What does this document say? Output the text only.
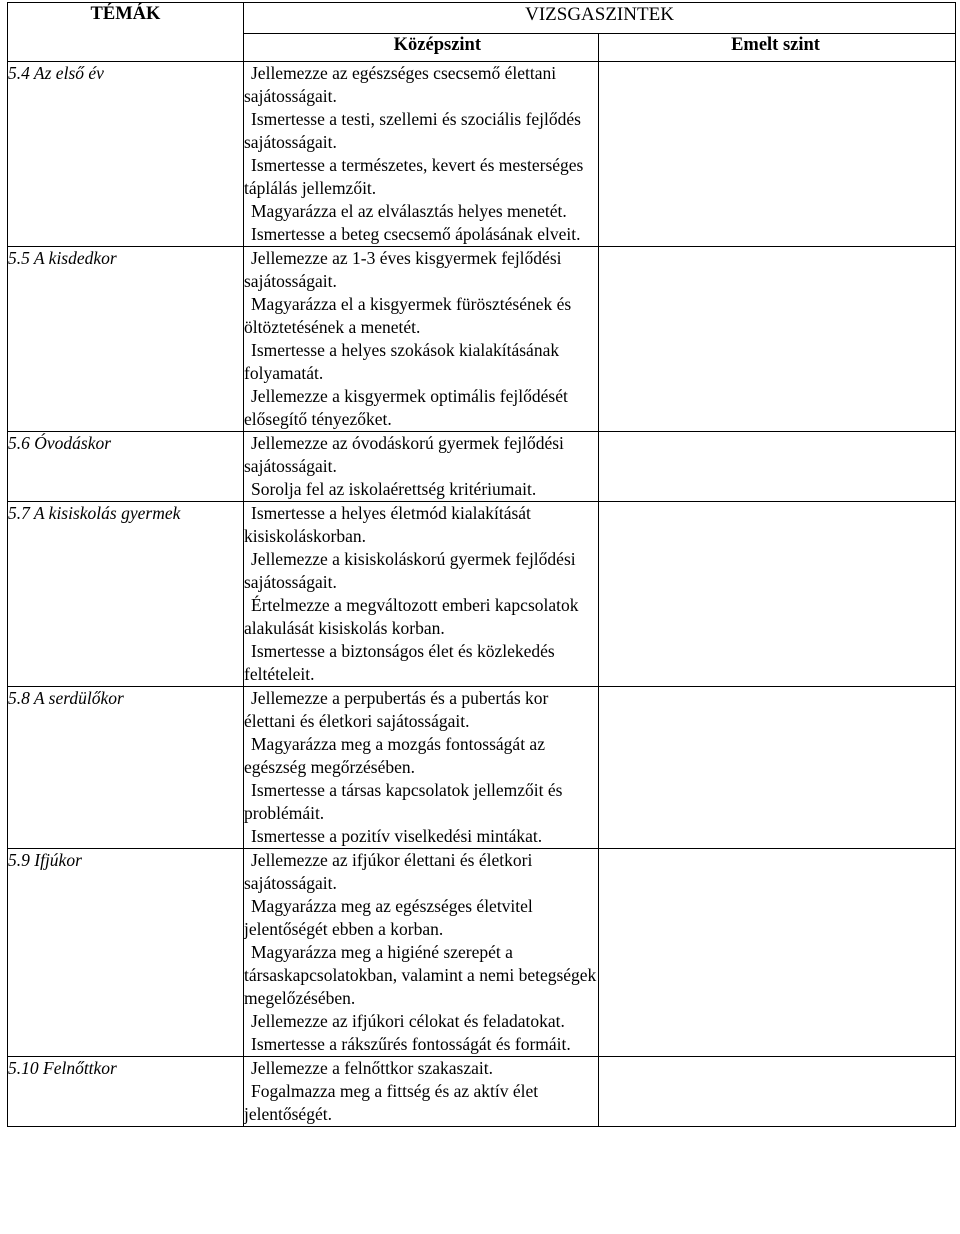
TÉMÁK	VIZSGASZINTEK	
	Középszint	Emelt szint
5.4 Az első év	Jellemezze az egészséges csecsemő élettani sajátosságait.
Ismertesse a testi, szellemi és szociális fejlődés sajátosságait.
Ismertesse a természetes, kevert és mesterséges táplálás jellemzőit.
Magyarázza el az elválasztás helyes menetét.
Ismertesse a beteg csecsemő ápolásának elveit.	

5.5 A kisdedkor	Jellemezze az 1-3 éves kisgyermek fejlődési sajátosságait.
Magyarázza el a kisgyermek fürösztésének és öltöztetésének a menetét.
Ismertesse a helyes szokások kialakításának folyamatát.
Jellemezze a kisgyermek optimális fejlődését elősegítő tényezőket.	

5.6 Óvodáskor	Jellemezze az óvodáskorú gyermek fejlődési sajátosságait.
Sorolja fel az iskolaérettség kritériumait.	

5.7 A kisiskolás gyermek	Ismertesse a helyes életmód kialakítását kisiskoláskorban.
Jellemezze a kisiskoláskorú gyermek fejlődési sajátosságait.
Értelmezze a megváltozott emberi kapcsolatok alakulását kisiskolás korban.
Ismertesse a biztonságos élet és közlekedés feltételeit.	

5.8 A serdülőkor	Jellemezze a perpubertás és a pubertás kor élettani és életkori sajátosságait.
Magyarázza meg a mozgás fontosságát az egészség megőrzésében.
Ismertesse a társas kapcsolatok jellemzőit és problémáit.
Ismertesse a pozitív viselkedési mintákat.	

5.9 Ifjúkor	Jellemezze az ifjúkor élettani és életkori sajátosságait.
Magyarázza meg az egészséges életvitel jelentőségét ebben a korban.
Magyarázza meg a higiéné szerepét a társaskapcsolatokban, valamint a nemi betegségek megelőzésében.
Jellemezze az ifjúkori célokat és feladatokat.
Ismertesse a rákszűrés fontosságát és formáit.	

5.10 Felnőttkor	Jellemezze a felnőttkor szakaszait.
Fogalmazza meg a fittség és az aktív élet jelentőségét.	
